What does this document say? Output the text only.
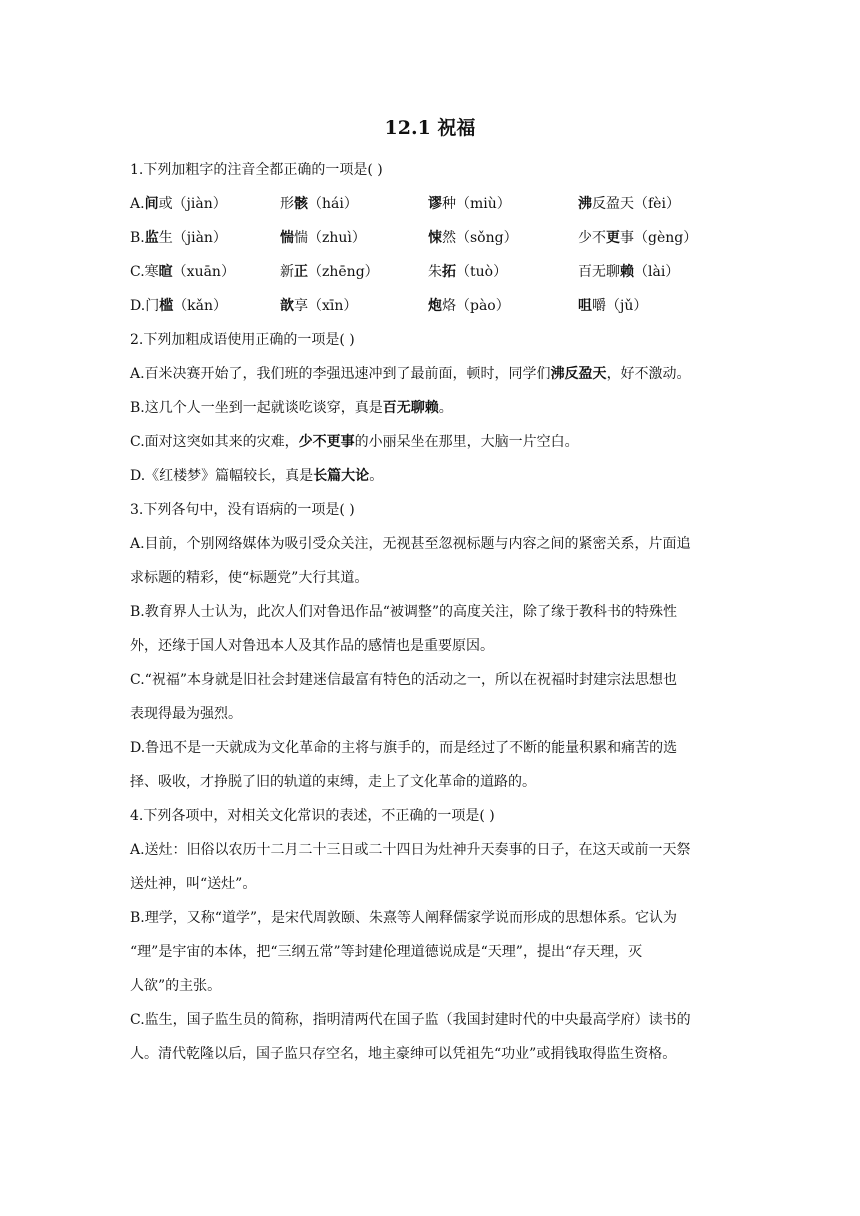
12.1 祝福
1.下列加粗字的注音全都正确的一项是( )
A.间或（jiàn）	形骸（hái）	谬种（miù）	沸反盈天（fèi）
B.监生（jiàn）	惴惴（zhuì）	悚然（sǒng）	少不更事（gèng）
C.寒暄（xuān）	新正（zhēng）	朱拓（tuò）	百无聊赖（lài）
D.门槛（kǎn）	歆享（xīn）	炮烙（pào）	咀嚼（jǔ）
2.下列加粗成语使用正确的一项是( )
A.百米决赛开始了，我们班的李强迅速冲到了最前面，顿时，同学们沸反盈天，好不激动。
B.这几个人一坐到一起就谈吃谈穿，真是百无聊赖。
C.面对这突如其来的灾难，少不更事的小丽呆坐在那里，大脑一片空白。
D.《红楼梦》篇幅较长，真是长篇大论。
3.下列各句中，没有语病的一项是( )
A.目前，个别网络媒体为吸引受众关注，无视甚至忽视标题与内容之间的紧密关系，片面追
求标题的精彩，使“标题党”大行其道。
B.教育界人士认为，此次人们对鲁迅作品“被调整”的高度关注，除了缘于教科书的特殊性
外，还缘于国人对鲁迅本人及其作品的感情也是重要原因。
C.“祝福”本身就是旧社会封建迷信最富有特色的活动之一，所以在祝福时封建宗法思想也
表现得最为强烈。
D.鲁迅不是一天就成为文化革命的主将与旗手的，而是经过了不断的能量积累和痛苦的选
择、吸收，才挣脱了旧的轨道的束缚，走上了文化革命的道路的。
4.下列各项中，对相关文化常识的表述，不正确的一项是( )
A.送灶：旧俗以农历十二月二十三日或二十四日为灶神升天奏事的日子，在这天或前一天祭
送灶神，叫“送灶”。
B.理学，又称“道学”，是宋代周敦颐、朱熹等人阐释儒家学说而形成的思想体系。它认为
“理”是宇宙的本体，把“三纲五常”等封建伦理道德说成是“天理”，提出“存天理，灭
人欲”的主张。
C.监生，国子监生员的简称，指明清两代在国子监（我国封建时代的中央最高学府）读书的
人。清代乾隆以后，国子监只存空名，地主豪绅可以凭祖先“功业”或捐钱取得监生资格。
